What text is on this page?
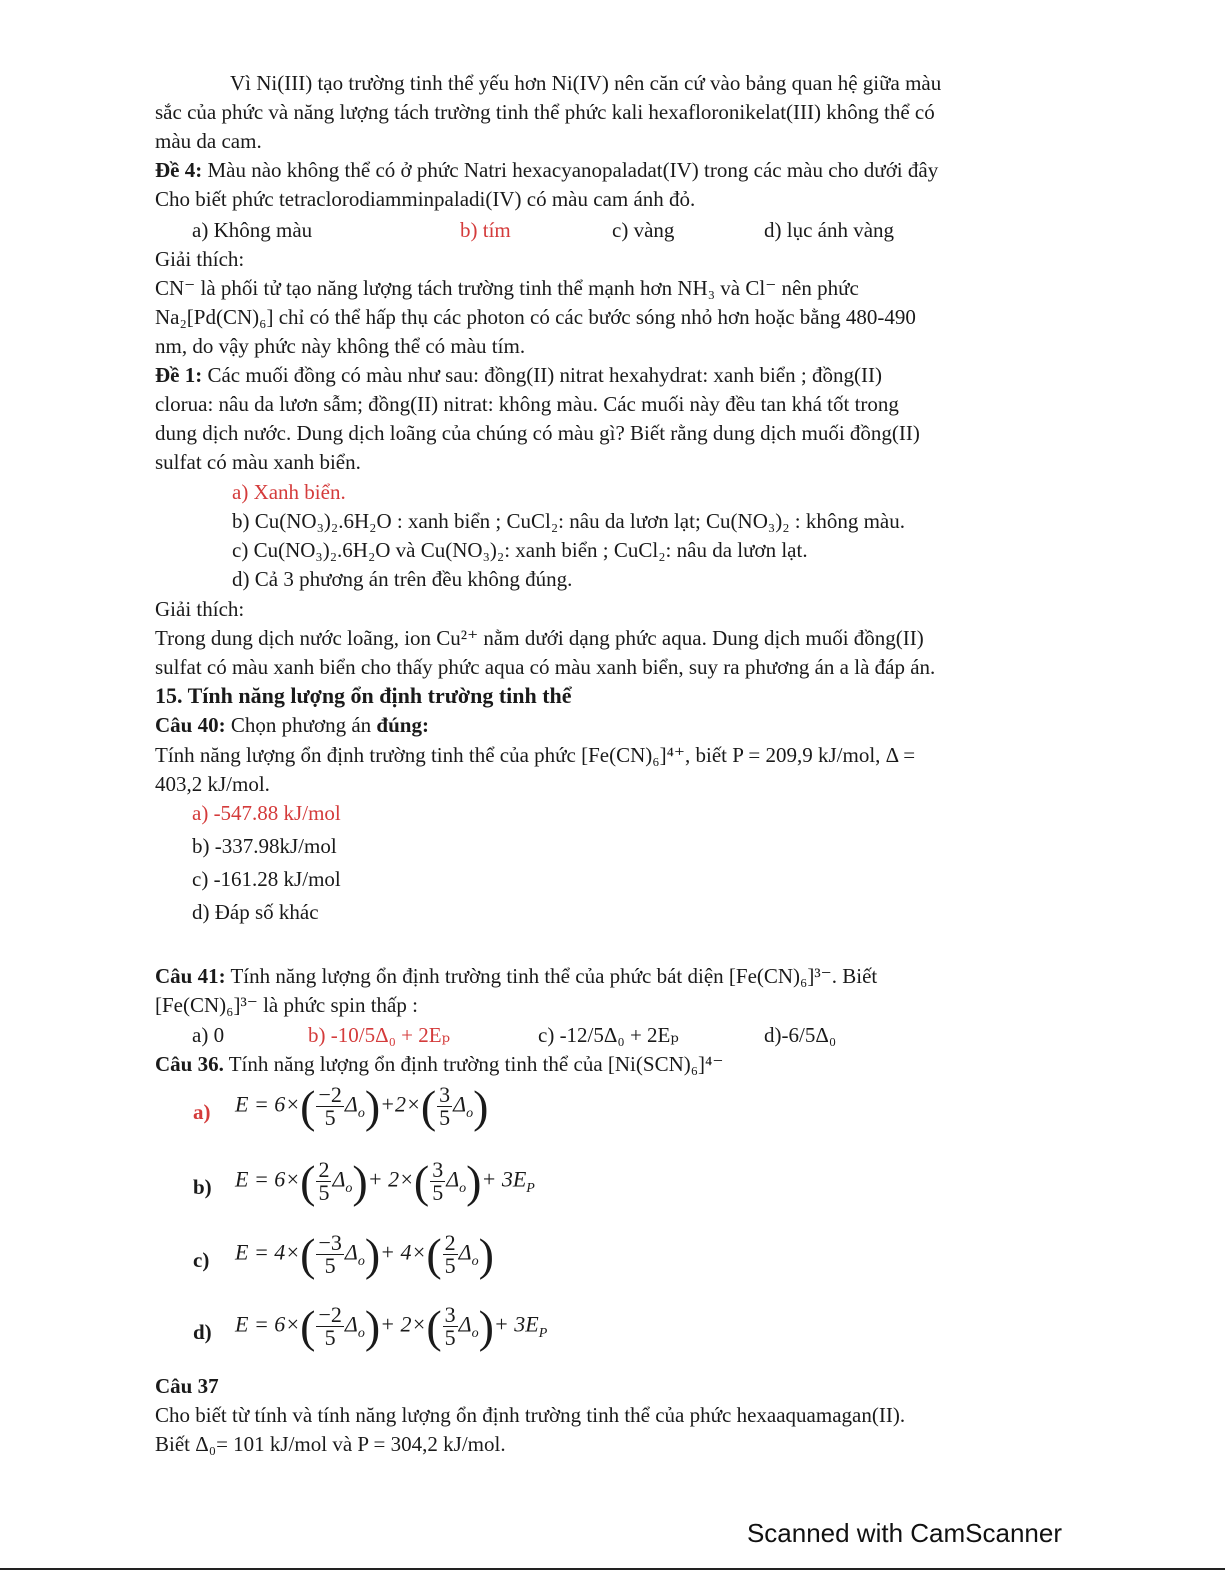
Vì Ni(III) tạo trường tinh thể yếu hơn Ni(IV) nên căn cứ vào bảng quan hệ giữa màu
sắc của phức và năng lượng tách trường tinh thể phức kali hexafloronikelat(III) không thể có
màu da cam.
Đề 4: Màu nào không thể có ở phức Natri hexacyanopaladat(IV) trong các màu cho dưới đây
Cho biết phức tetraclorodiamminpaladi(IV) có màu cam ánh đỏ.
a) Không màu	b) tím	c) vàng	d) lục ánh vàng
Giải thích:
CN⁻ là phối tử tạo năng lượng tách trường tinh thể mạnh hơn NH₃ và Cl⁻ nên phức
Na₂[Pd(CN)₆] chỉ có thể hấp thụ các photon có các bước sóng nhỏ hơn hoặc bằng 480-490
nm, do vậy phức này không thể có màu tím.
Đề 1: Các muối đồng có màu như sau: đồng(II) nitrat hexahydrat: xanh biển ; đồng(II)
clorua: nâu da lươn sẫm; đồng(II) nitrat: không màu. Các muối này đều tan khá tốt trong
dung dịch nước. Dung dịch loãng của chúng có màu gì? Biết rằng dung dịch muối đồng(II)
sulfat có màu xanh biển.
a) Xanh biển.
b) Cu(NO₃)₂.6H₂O : xanh biển ; CuCl₂: nâu da lươn lạt; Cu(NO₃)₂ : không màu.
c) Cu(NO₃)₂.6H₂O và Cu(NO₃)₂: xanh biển ; CuCl₂: nâu da lươn lạt.
d) Cả 3 phương án trên đều không đúng.
Giải thích:
Trong dung dịch nước loãng, ion Cu²⁺ nằm dưới dạng phức aqua. Dung dịch muối đồng(II)
sulfat có màu xanh biển cho thấy phức aqua có màu xanh biển, suy ra phương án a là đáp án.
15. Tính năng lượng ổn định trường tinh thể
Câu 40: Chọn phương án đúng:
Tính năng lượng ổn định trường tinh thể của phức [Fe(CN)₆]⁴⁺, biết P = 209,9 kJ/mol, Δ =
403,2 kJ/mol.
a) -547.88 kJ/mol
b) -337.98kJ/mol
c) -161.28 kJ/mol
d) Đáp số khác
Câu 41: Tính năng lượng ổn định trường tinh thể của phức bát diện [Fe(CN)₆]³⁻. Biết
[Fe(CN)₆]³⁻ là phức spin thấp :
a) 0	b) -10/5Δ₀ + 2Eₚ	c) -12/5Δ₀ + 2Eₚ	d)-6/5Δ₀
Câu 36. Tính năng lượng ổn định trường tinh thể của [Ni(SCN)₆]⁴⁻
a) $E = 6\times( \frac{-2}{5} \Delta_o)+2\times( \frac{3}{5} \Delta_o)$
b) $E = 6\times( \frac{2}{5} \Delta_o)+ 2\times( \frac{3}{5} \Delta_o)+ 3E_P$
c) $E = 4\times( \frac{-3}{5} \Delta_o)+ 4\times( \frac{2}{5} \Delta_o)$
d) $E = 6\times( \frac{-2}{5} \Delta_o)+ 2\times( \frac{3}{5} \Delta_o)+ 3E_P$
Câu 37
Cho biết từ tính và tính năng lượng ổn định trường tinh thể của phức hexaaquamagan(II).
Biết Δ₀= 101 kJ/mol và P = 304,2 kJ/mol.
Scanned with CamScanner
